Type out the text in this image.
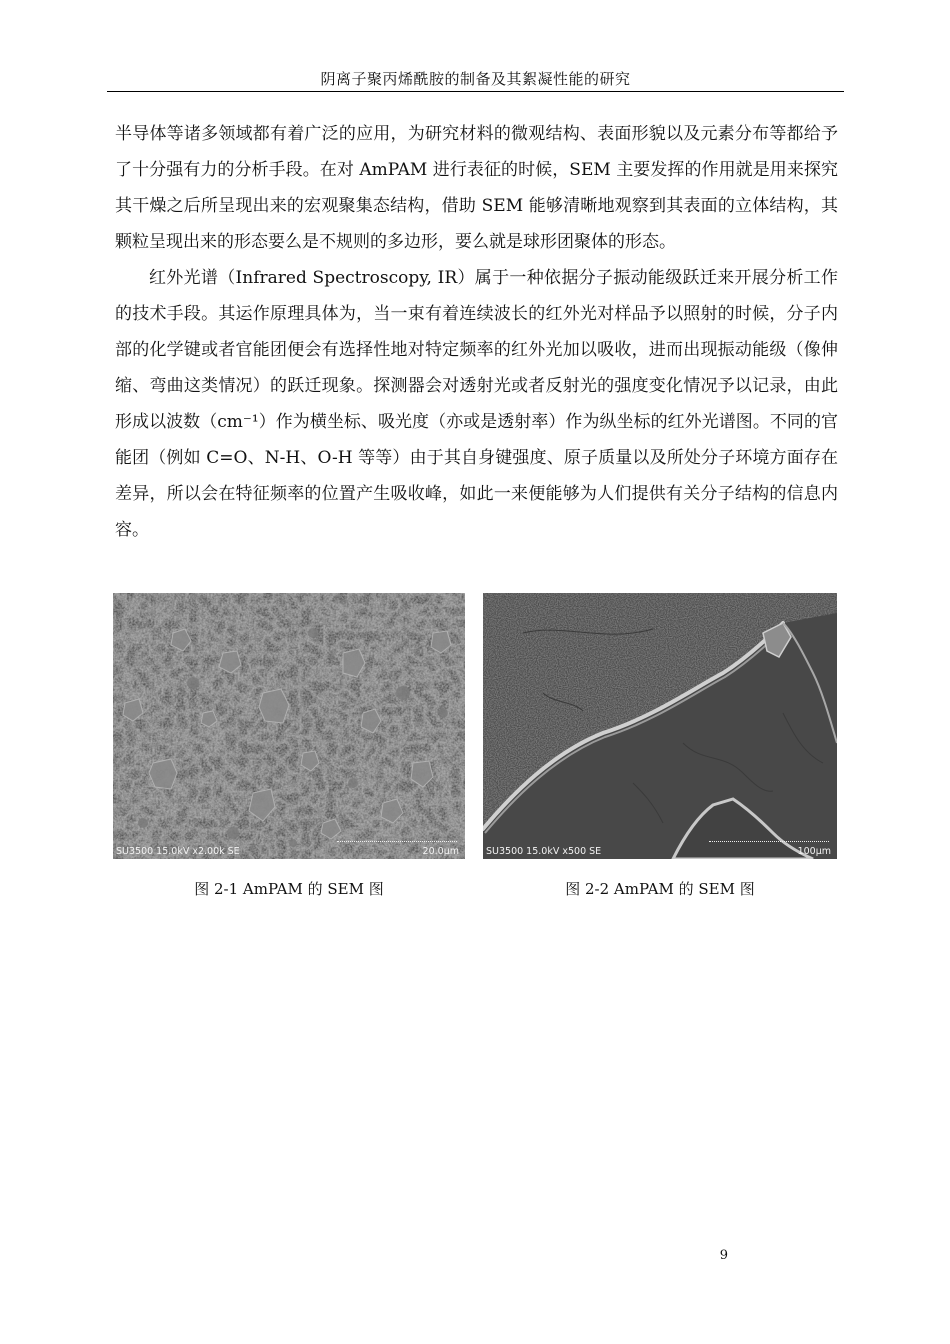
阴离子聚丙烯酰胺的制备及其絮凝性能的研究

半导体等诸多领域都有着广泛的应用，为研究材料的微观结构、表面形貌以及元素分布等都给予了十分强有力的分析手段。在对 AmPAM 进行表征的时候，SEM 主要发挥的作用就是用来探究其干燥之后所呈现出来的宏观聚集态结构，借助 SEM 能够清晰地观察到其表面的立体结构，其颗粒呈现出来的形态要么是不规则的多边形，要么就是球形团聚体的形态。

红外光谱（Infrared Spectroscopy, IR）属于一种依据分子振动能级跃迁来开展分析工作的技术手段。其运作原理具体为，当一束有着连续波长的红外光对样品予以照射的时候，分子内部的化学键或者官能团便会有选择性地对特定频率的红外光加以吸收，进而出现振动能级（像伸缩、弯曲这类情况）的跃迁现象。探测器会对透射光或者反射光的强度变化情况予以记录，由此形成以波数（cm⁻¹）作为横坐标、吸光度（亦或是透射率）作为纵坐标的红外光谱图。不同的官能团（例如 C=O、N-H、O-H 等等）由于其自身键强度、原子质量以及所处分子环境方面存在差异，所以会在特征频率的位置产生吸收峰，如此一来便能够为人们提供有关分子结构的信息内容。

SU3500 15.0kV x2.00k SE	20.0μm	SU3500 15.0kV x500 SE	100μm
图 2-1 AmPAM 的 SEM 图	图 2-2 AmPAM 的 SEM 图
9
